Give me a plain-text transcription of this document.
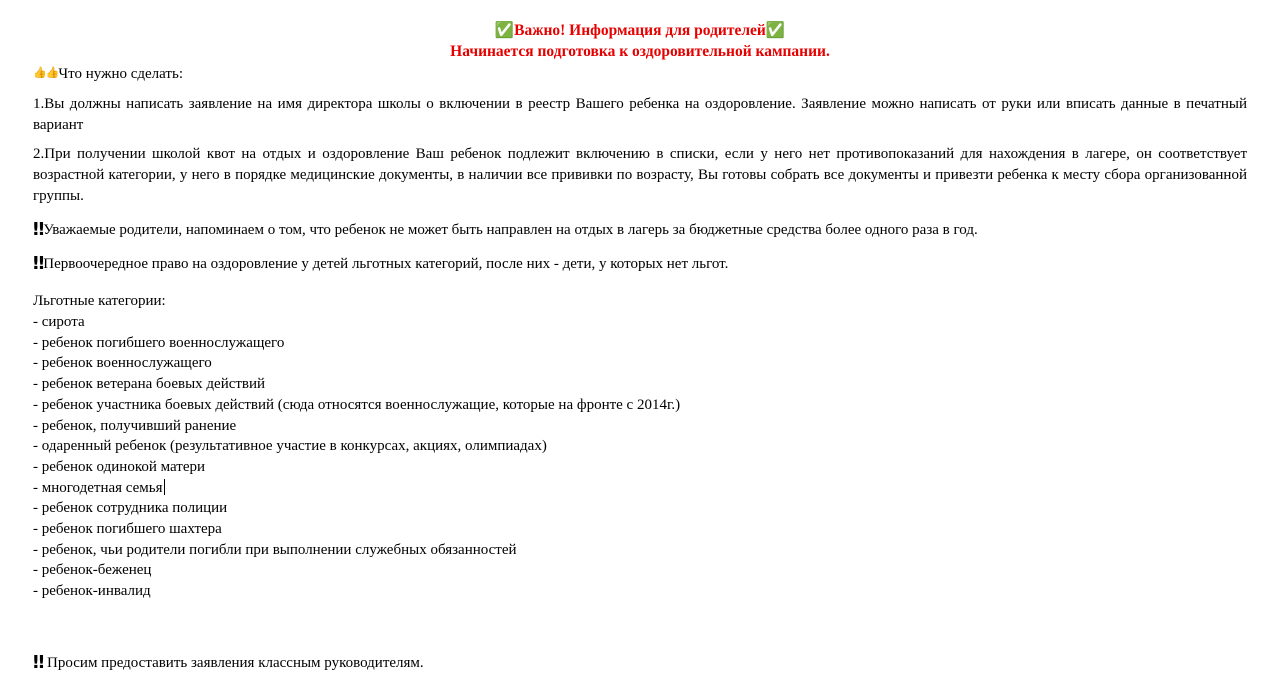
✅Важно! Информация для родителей✅
Начинается подготовка к оздоровительной кампании.
👍👍Что нужно сделать:

1.Вы должны написать заявление на имя директора школы о включении в реестр Вашего ребенка на оздоровление. Заявление можно написать от руки или вписать данные в печатный вариант

2.При получении школой квот на отдых и оздоровление Ваш ребенок подлежит включению в списки, если у него нет противопоказаний для нахождения в лагере, он соответствует возрастной категории, у него в порядке медицинские документы, в наличии все прививки по возрасту, Вы готовы собрать все документы и привезти ребенка к месту сбора организованной группы.

‼Уважаемые родители, напоминаем о том, что ребенок не может быть направлен на отдых в лагерь за бюджетные средства более одного раза в год.
‼Первоочередное право на оздоровление у детей льготных категорий, после них - дети, у которых нет льгот.
Льготные категории:
- сирота
- ребенок погибшего военнослужащего
- ребенок военнослужащего
- ребенок ветерана боевых действий
- ребенок участника боевых действий (сюда относятся военнослужащие, которые на фронте с 2014г.)
- ребенок, получивший ранение
- одаренный ребенок (результативное участие в конкурсах, акциях, олимпиадах)
- ребенок одинокой матери
- многодетная семья
- ребенок сотрудника полиции
- ребенок погибшего шахтера
- ребенок, чьи родители погибли при выполнении служебных обязанностей
- ребенок-беженец
- ребенок-инвалид
‼ Просим предоставить заявления классным руководителям.
